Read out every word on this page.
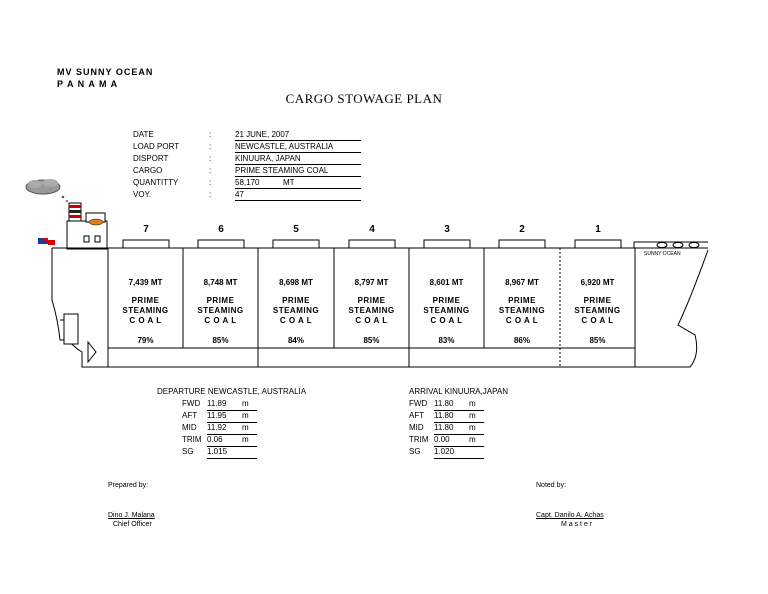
MV SUNNY OCEAN
P A N A M A
CARGO STOWAGE PLAN
DATE	:	21 JUNE, 2007
LOAD PORT	:	NEWCASTLE, AUSTRALIA
DISPORT	:	KINUURA, JAPAN
CARGO	:	PRIME STEAMING COAL
QUANTITTY	:	58,170	MT
VOY.	:	47
SUNNY OCEAN
7	6	5	4	3	2	1
7,439 MT
PRIME
STEAMING
C O A L
79%
8,748 MT
PRIME
STEAMING
C O A L
85%
8,698 MT
PRIME
STEAMING
C O A L
84%
8,797 MT
PRIME
STEAMING
C O A L
85%
8,601 MT
PRIME
STEAMING
C O A L
83%
8,967 MT
PRIME
STEAMING
C O A L
86%
6,920 MT
PRIME
STEAMING
C O A L
85%
DEPARTURE NEWCASTLE, AUSTRALIA
FWD 11.89	m
AFT 11.95	m
MID 11.92	m
TRIM 0.06	m
SG 1.015
ARRIVAL KINUURA,JAPAN
FWD 11.80	m
AFT 11.80	m
MID 11.80	m
TRIM 0.00	m
SG 1.020
Prepared by:
Dino J. Malana
Chief Officer
Noted by:
Capt. Danilo A. Achas
M a s t e r
